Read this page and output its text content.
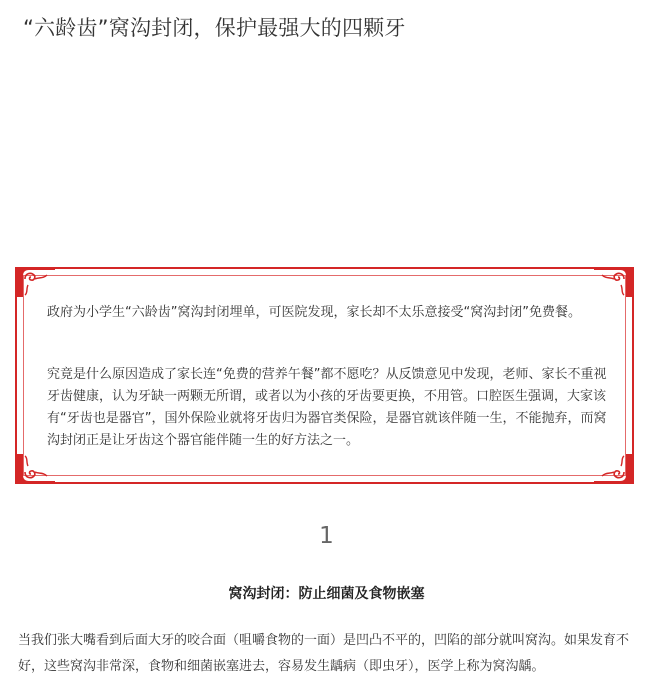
“六龄齿”窝沟封闭，保护最强大的四颗牙

政府为小学生“六龄齿”窝沟封闭埋单，可医院发现，家长却不太乐意接受“窝沟封闭”免费餐。

究竟是什么原因造成了家长连“免费的营养午餐”都不愿吃？从反馈意见中发现，老师、家长不重视牙齿健康，认为牙缺一两颗无所谓，或者以为小孩的牙齿要更换，不用管。口腔医生强调，大家该有“牙齿也是器官”，国外保险业就将牙齿归为器官类保险，是器官就该伴随一生，不能抛弃，而窝沟封闭正是让牙齿这个器官能伴随一生的好方法之一。

1
窝沟封闭：防止细菌及食物嵌塞

当我们张大嘴看到后面大牙的咬合面（咀嚼食物的一面）是凹凸不平的，凹陷的部分就叫窝沟。如果发育不好，这些窝沟非常深，食物和细菌嵌塞进去，容易发生龋病（即虫牙），医学上称为窝沟龋。
